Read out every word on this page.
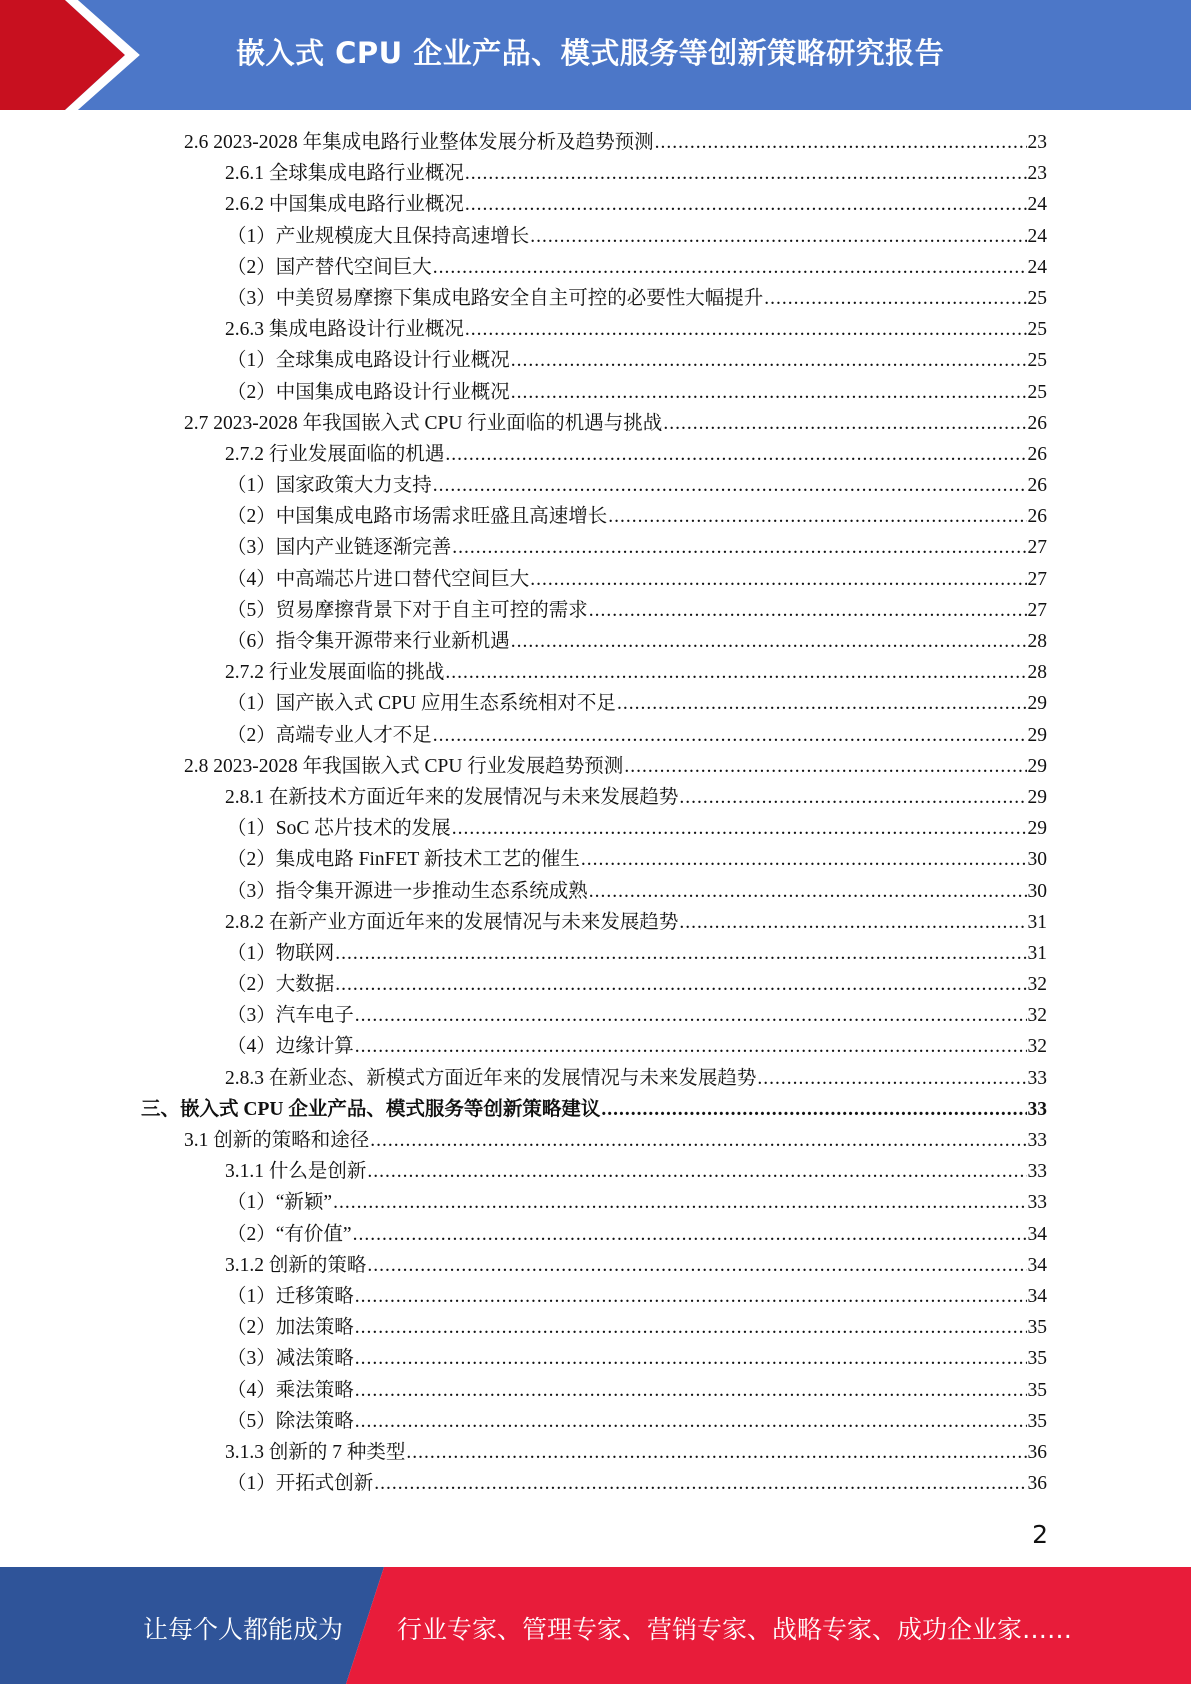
嵌入式 CPU 企业产品、模式服务等创新策略研究报告
2.6 2023-2028 年集成电路行业整体发展分析及趋势预测 .....	23
2.6.1 全球集成电路行业概况 .....	23
2.6.2 中国集成电路行业概况 .....	24
（1）产业规模庞大且保持高速增长 .....	24
（2）国产替代空间巨大 .....	24
（3）中美贸易摩擦下集成电路安全自主可控的必要性大幅提升 .....	25
2.6.3 集成电路设计行业概况 .....	25
（1）全球集成电路设计行业概况 .....	25
（2）中国集成电路设计行业概况 .....	25
2.7 2023-2028 年我国嵌入式 CPU 行业面临的机遇与挑战 .....	26
2.7.2 行业发展面临的机遇 .....	26
（1）国家政策大力支持 .....	26
（2）中国集成电路市场需求旺盛且高速增长 .....	26
（3）国内产业链逐渐完善 .....	27
（4）中高端芯片进口替代空间巨大 .....	27
（5）贸易摩擦背景下对于自主可控的需求 .....	27
（6）指令集开源带来行业新机遇 .....	28
2.7.2 行业发展面临的挑战 .....	28
（1）国产嵌入式 CPU 应用生态系统相对不足 .....	29
（2）高端专业人才不足 .....	29
2.8 2023-2028 年我国嵌入式 CPU 行业发展趋势预测 .....	29
2.8.1 在新技术方面近年来的发展情况与未来发展趋势 .....	29
（1）SoC 芯片技术的发展 .....	29
（2）集成电路 FinFET 新技术工艺的催生 .....	30
（3）指令集开源进一步推动生态系统成熟 .....	30
2.8.2 在新产业方面近年来的发展情况与未来发展趋势 .....	31
（1）物联网 .....	31
（2）大数据 .....	32
（3）汽车电子 .....	32
（4）边缘计算 .....	32
2.8.3 在新业态、新模式方面近年来的发展情况与未来发展趋势 .....	33
三、嵌入式 CPU 企业产品、模式服务等创新策略建议 .....	33
3.1 创新的策略和途径 .....	33
3.1.1 什么是创新 .....	33
（1）“新颖” .....	33
（2）“有价值” .....	34
3.1.2 创新的策略 .....	34
（1）迁移策略 .....	34
（2）加法策略 .....	35
（3）减法策略 .....	35
（4）乘法策略 .....	35
（5）除法策略 .....	35
3.1.3 创新的 7 种类型 .....	36
（1）开拓式创新 .....	36
2
让每个人都能成为 行业专家、管理专家、营销专家、战略专家、成功企业家……
